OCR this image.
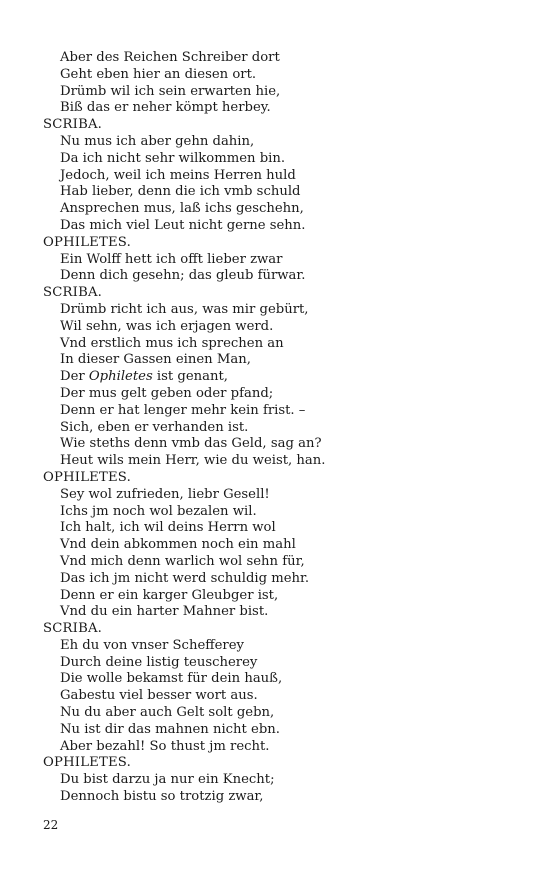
Aber des Reichen Schreiber dort
Geht eben hier an diesen ort.
Drümb wil ich sein erwarten hie,
Biß das er neher kömpt herbey.
SCRIBA.
Nu mus ich aber gehn dahin,
Da ich nicht sehr wilkommen bin.
Jedoch, weil ich meins Herren huld
Hab lieber, denn die ich vmb schuld
Ansprechen mus, laß ichs geschehn,
Das mich viel Leut nicht gerne sehn.
OPHILETES.
Ein Wolff hett ich offt lieber zwar
Denn dich gesehn; das gleub fürwar.
SCRIBA.
Drümb richt ich aus, was mir gebürt,
Wil sehn, was ich erjagen werd.
Vnd erstlich mus ich sprechen an
In dieser Gassen einen Man,
Der Ophiletes ist genant,
Der mus gelt geben oder pfand;
Denn er hat lenger mehr kein frist. –
Sich, eben er verhanden ist.
Wie steths denn vmb das Geld, sag an?
Heut wils mein Herr, wie du weist, han.
OPHILETES.
Sey wol zufrieden, liebr Gesell!
Ichs jm noch wol bezalen wil.
Ich halt, ich wil deins Herrn wol
Vnd dein abkommen noch ein mahl
Vnd mich denn warlich wol sehn für,
Das ich jm nicht werd schuldig mehr.
Denn er ein karger Gleubger ist,
Vnd du ein harter Mahner bist.
SCRIBA.
Eh du von vnser Schefferey
Durch deine listig teuscherey
Die wolle bekamst für dein hauß,
Gabestu viel besser wort aus.
Nu du aber auch Gelt solt gebn,
Nu ist dir das mahnen nicht ebn.
Aber bezahl! So thust jm recht.
OPHILETES.
Du bist darzu ja nur ein Knecht;
Dennoch bistu so trotzig zwar,
22
